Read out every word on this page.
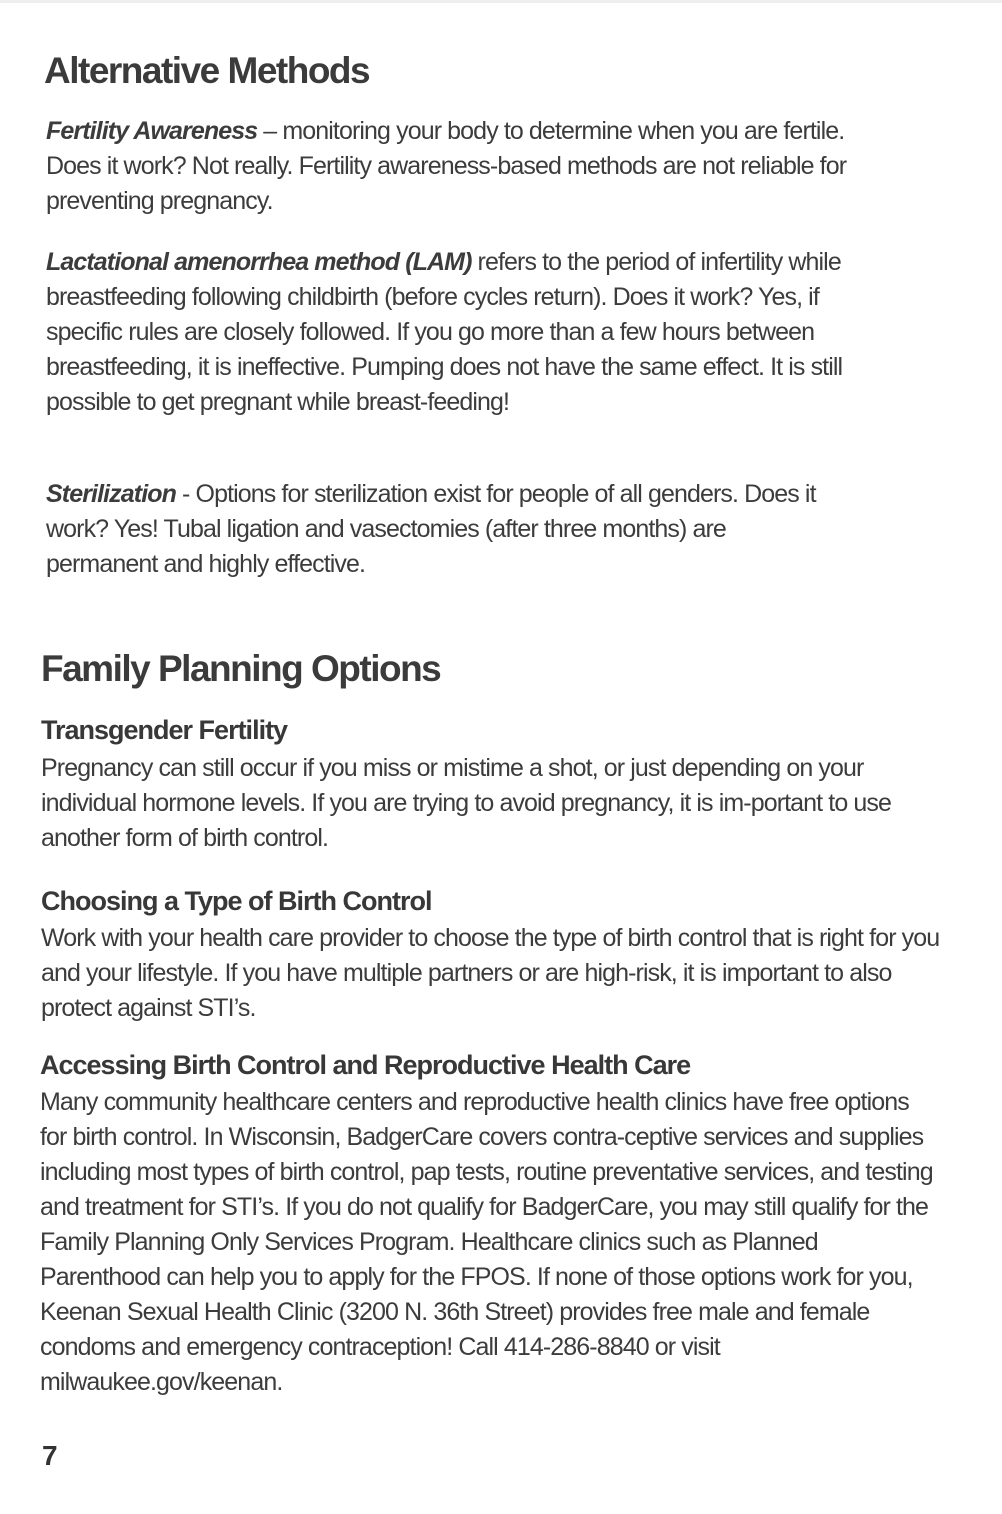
Alternative Methods

Fertility Awareness – monitoring your body to determine when you are fertile. Does it work? Not really. Fertility awareness-based methods are not reliable for preventing pregnancy.

Lactational amenorrhea method (LAM) refers to the period of infertility while breastfeeding following childbirth (before cycles return). Does it work? Yes, if specific rules are closely followed. If you go more than a few hours between breastfeeding, it is ineffective. Pumping does not have the same effect. It is still possible to get pregnant while breast-feeding!

Sterilization - Options for sterilization exist for people of all genders. Does it work? Yes! Tubal ligation and vasectomies (after three months) are permanent and highly effective.

Family Planning Options
Transgender Fertility

Pregnancy can still occur if you miss or mistime a shot, or just depending on your individual hormone levels. If you are trying to avoid pregnancy, it is im-portant to use another form of birth control.

Choosing a Type of Birth Control

Work with your health care provider to choose the type of birth control that is right for you and your lifestyle. If you have multiple partners or are high-risk, it is important to also protect against STI’s.

Accessing Birth Control and Reproductive Health Care

Many community healthcare centers and reproductive health clinics have free options for birth control. In Wisconsin, BadgerCare covers contra-ceptive services and supplies including most types of birth control, pap tests, routine preventative services, and testing and treatment for STI’s. If you do not qualify for BadgerCare, you may still qualify for the Family Planning Only Services Program. Healthcare clinics such as Planned Parenthood can help you to apply for the FPOS. If none of those options work for you, Keenan Sexual Health Clinic (3200 N. 36th Street) provides free male and female condoms and emergency contraception! Call 414-286-8840 or visit milwaukee.gov/keenan.

7
